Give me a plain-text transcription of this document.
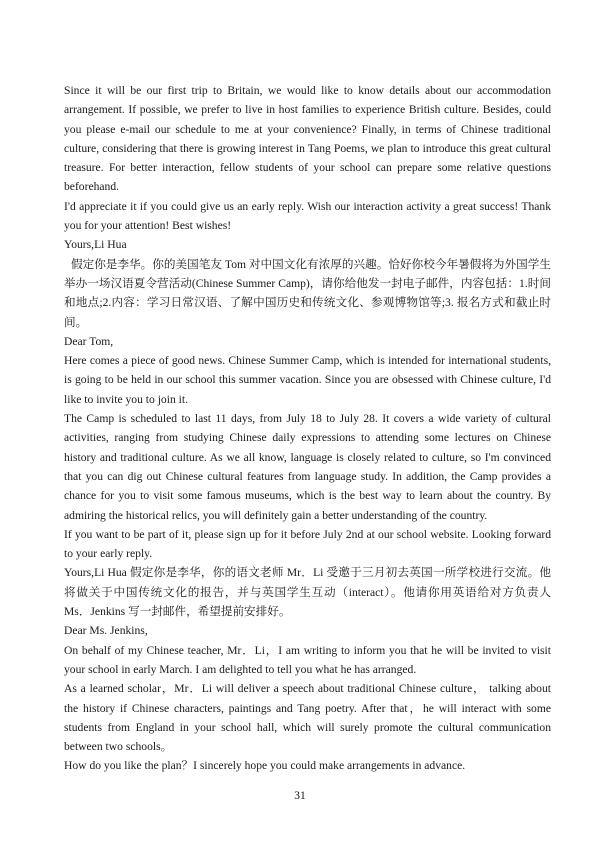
Since it will be our first trip to Britain, we would like to know details about our accommodation arrangement. If possible, we prefer to live in host families to experience British culture. Besides, could you please e-mail our schedule to me at your convenience? Finally, in terms of Chinese traditional culture, considering that there is growing interest in Tang Poems, we plan to introduce this great cultural treasure. For better interaction, fellow students of your school can prepare some relative questions beforehand.

I'd appreciate it if you could give us an early reply. Wish our interaction activity a great success! Thank you for your attention! Best wishes!

Yours,Li Hua

假定你是李华。你的美国笔友 Tom 对中国文化有浓厚的兴趣。恰好你校今年暑假将为外国学生举办一场汉语夏令营活动(Chinese Summer Camp)，请你给他发一封电子邮件，内容包括：1.时间和地点;2.内容：学习日常汉语、了解中国历史和传统文化、参观博物馆等;3. 报名方式和截止时间。

Dear Tom,

Here comes a piece of good news. Chinese Summer Camp, which is intended for international students, is going to be held in our school this summer vacation. Since you are obsessed with Chinese culture, I'd like to invite you to join it.

The Camp is scheduled to last 11 days, from July 18 to July 28. It covers a wide variety of cultural activities, ranging from studying Chinese daily expressions to attending some lectures on Chinese history and traditional culture. As we all know, language is closely related to culture, so I'm convinced that you can dig out Chinese cultural features from language study. In addition, the Camp provides a chance for you to visit some famous museums, which is the best way to learn about the country. By admiring the historical relics, you will definitely gain a better understanding of the country.

If you want to be part of it, please sign up for it before July 2nd at our school website. Looking forward to your early reply.

Yours,Li Hua 假定你是李华，你的语文老师 Mr．Li 受邀于三月初去英国一所学校进行交流。他将做关于中国传统文化的报告，并与英国学生互动（interact）。他请你用英语给对方负责人 Ms．Jenkins 写一封邮件，希望提前安排好。

Dear Ms. Jenkins,

On behalf of my Chinese teacher, Mr．Li，I am writing to inform you that he will be invited to visit your school in early March. I am delighted to tell you what he has arranged.

As a learned scholar，Mr．Li will deliver a speech about traditional Chinese culture， talking about the history if Chinese characters, paintings and Tang poetry. After that，he will interact with some students from England in your school hall, which will surely promote the cultural communication between two schools。

How do you like the plan？I sincerely hope you could make arrangements in advance.

31
